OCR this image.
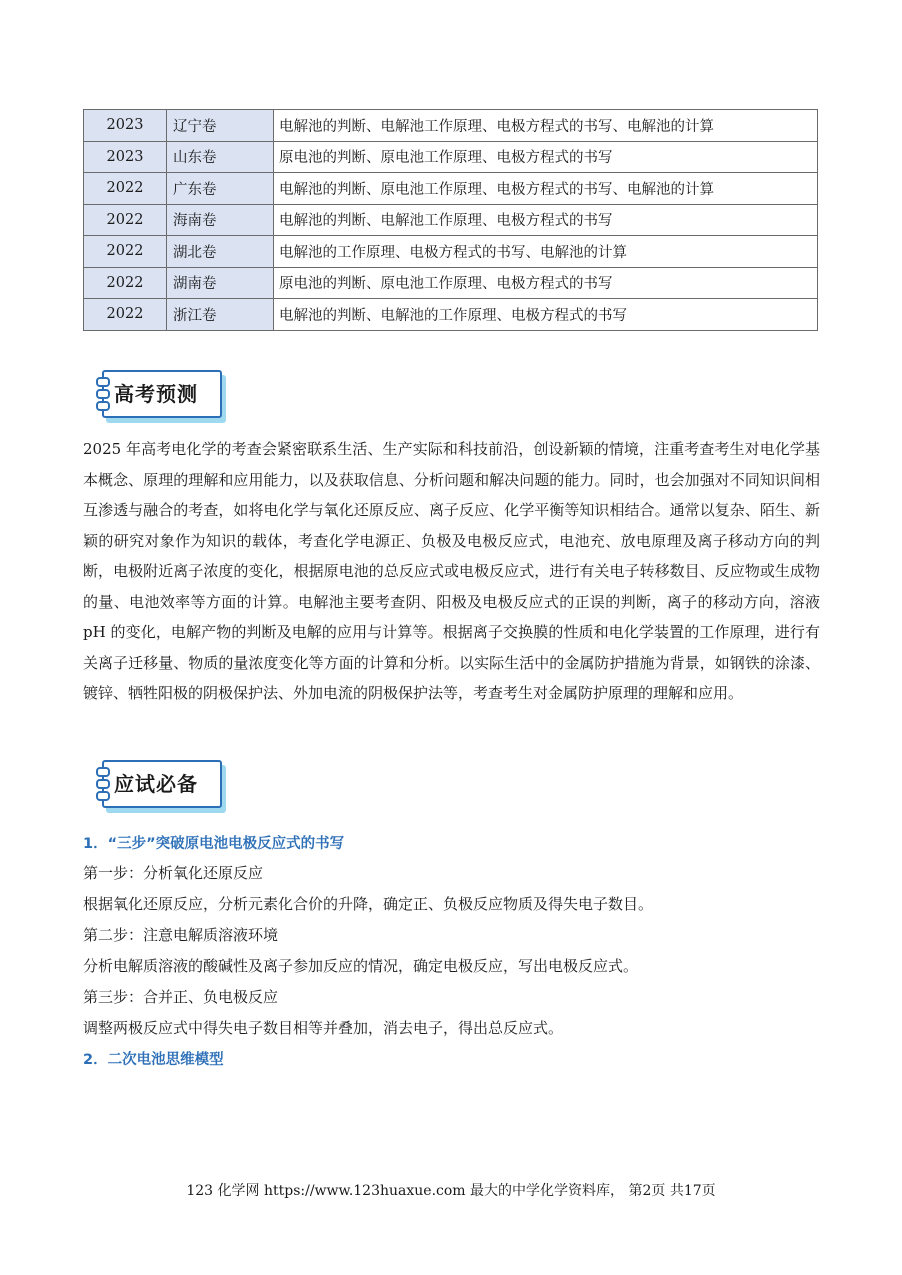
2023	辽宁卷	电解池的判断、电解池工作原理、电极方程式的书写、电解池的计算
2023	山东卷	原电池的判断、原电池工作原理、电极方程式的书写
2022	广东卷	电解池的判断、原电池工作原理、电极方程式的书写、电解池的计算
2022	海南卷	电解池的判断、电解池工作原理、电极方程式的书写
2022	湖北卷	电解池的工作原理、电极方程式的书写、电解池的计算
2022	湖南卷	原电池的判断、原电池工作原理、电极方程式的书写
2022	浙江卷	电解池的判断、电解池的工作原理、电极方程式的书写
高考预测
2025 年高考电化学的考查会紧密联系生活、生产实际和科技前沿，创设新颖的情境，注重考查考生对电化学基本概念、原理的理解和应用能力，以及获取信息、分析问题和解决问题的能力。同时，也会加强对不同知识间相互渗透与融合的考查，如将电化学与氧化还原反应、离子反应、化学平衡等知识相结合。通常以复杂、陌生、新颖的研究对象作为知识的载体，考查化学电源正、负极及电极反应式，电池充、放电原理及离子移动方向的判断，电极附近离子浓度的变化，根据原电池的总反应式或电极反应式，进行有关电子转移数目、反应物或生成物的量、电池效率等方面的计算。电解池主要考查阴、阳极及电极反应式的正误的判断，离子的移动方向，溶液 pH 的变化，电解产物的判断及电解的应用与计算等。根据离子交换膜的性质和电化学装置的工作原理，进行有关离子迁移量、物质的量浓度变化等方面的计算和分析。以实际生活中的金属防护措施为背景，如钢铁的涂漆、镀锌、牺牲阳极的阴极保护法、外加电流的阴极保护法等，考查考生对金属防护原理的理解和应用。
应试必备
1．“三步”突破原电池电极反应式的书写
第一步：分析氧化还原反应
根据氧化还原反应，分析元素化合价的升降，确定正、负极反应物质及得失电子数目。
第二步：注意电解质溶液环境
分析电解质溶液的酸碱性及离子参加反应的情况，确定电极反应，写出电极反应式。
第三步：合并正、负电极反应
调整两极反应式中得失电子数目相等并叠加，消去电子，得出总反应式。
2．二次电池思维模型
123 化学网 https://www.123huaxue.com 最大的中学化学资料库， 第2页 共17页
